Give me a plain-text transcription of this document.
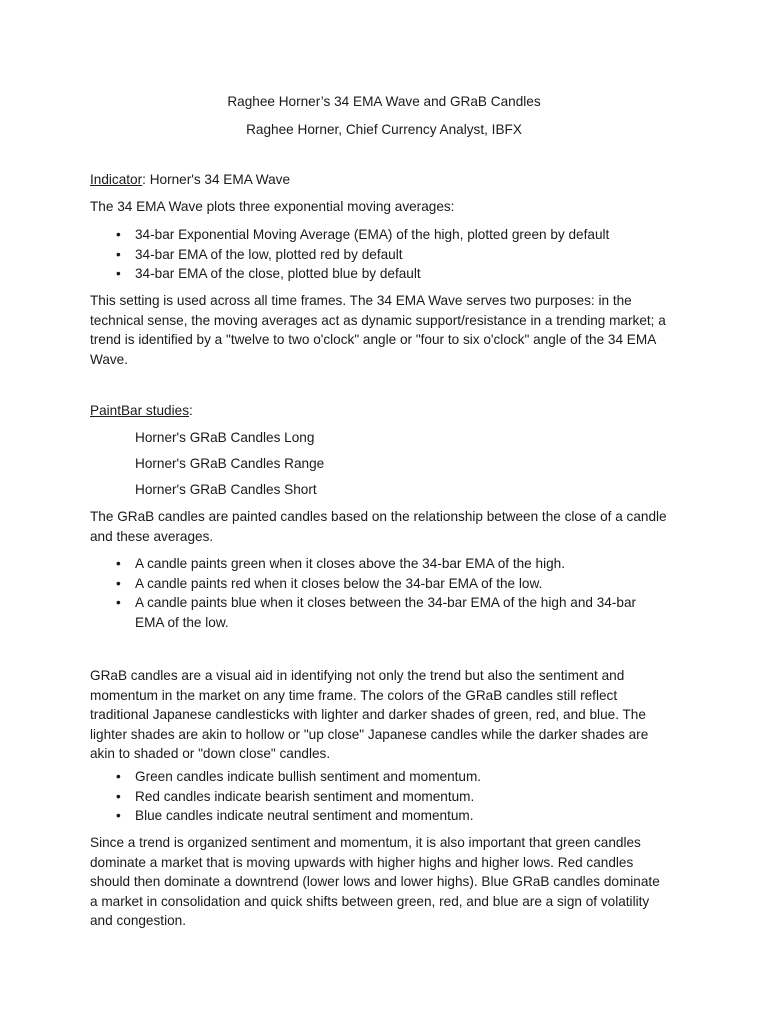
Raghee Horner’s 34 EMA Wave and GRaB Candles
Raghee Horner, Chief Currency Analyst, IBFX
Indicator: Horner's 34 EMA Wave
The 34 EMA Wave plots three exponential moving averages:
• 34-bar Exponential Moving Average (EMA) of the high, plotted green by default
• 34-bar EMA of the low, plotted red by default
• 34-bar EMA of the close, plotted blue by default
This setting is used across all time frames. The 34 EMA Wave serves two purposes: in the
technical sense, the moving averages act as dynamic support/resistance in a trending market; a
trend is identified by a "twelve to two o'clock" angle or "four to six o'clock" angle of the 34 EMA
Wave.
PaintBar studies:
Horner's GRaB Candles Long
Horner's GRaB Candles Range
Horner's GRaB Candles Short
The GRaB candles are painted candles based on the relationship between the close of a candle
and these averages.
• A candle paints green when it closes above the 34-bar EMA of the high.
• A candle paints red when it closes below the 34-bar EMA of the low.
• A candle paints blue when it closes between the 34-bar EMA of the high and 34-bar
EMA of the low.
GRaB candles are a visual aid in identifying not only the trend but also the sentiment and
momentum in the market on any time frame. The colors of the GRaB candles still reflect
traditional Japanese candlesticks with lighter and darker shades of green, red, and blue. The
lighter shades are akin to hollow or "up close" Japanese candles while the darker shades are
akin to shaded or "down close" candles.
• Green candles indicate bullish sentiment and momentum.
• Red candles indicate bearish sentiment and momentum.
• Blue candles indicate neutral sentiment and momentum.
Since a trend is organized sentiment and momentum, it is also important that green candles
dominate a market that is moving upwards with higher highs and higher lows. Red candles
should then dominate a downtrend (lower lows and lower highs). Blue GRaB candles dominate
a market in consolidation and quick shifts between green, red, and blue are a sign of volatility
and congestion.
